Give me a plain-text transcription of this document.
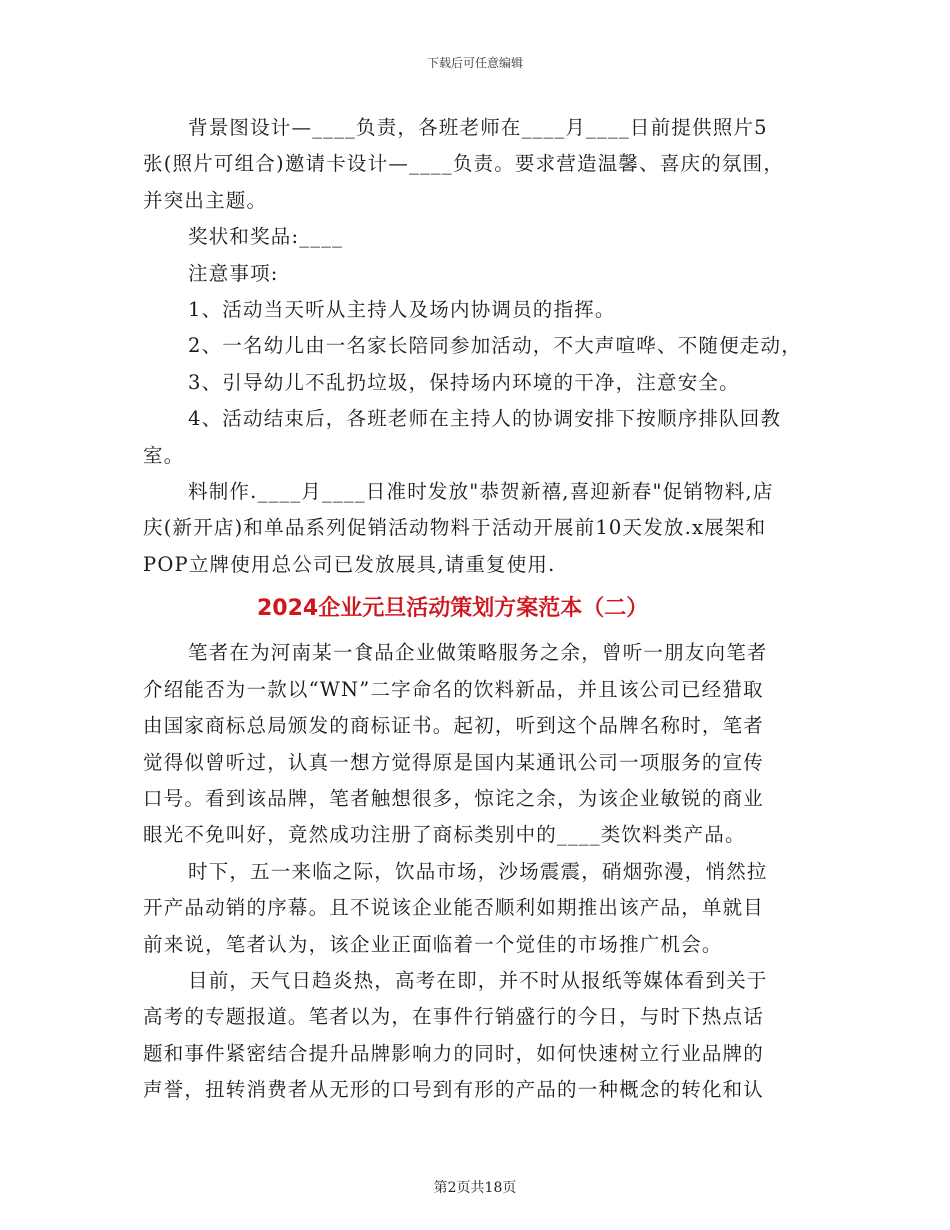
下载后可任意编辑
背景图设计—____负责，各班老师在____月____日前提供照片5
张(照片可组合)邀请卡设计—____负责。要求营造温馨、喜庆的氛围，
并突出主题。
奖状和奖品:____
注意事项:
1、活动当天听从主持人及场内协调员的指挥。
2、一名幼儿由一名家长陪同参加活动，不大声喧哗、不随便走动，
3、引导幼儿不乱扔垃圾，保持场内环境的干净，注意安全。
4、活动结束后，各班老师在主持人的协调安排下按顺序排队回教
室。
料制作.____月____日准时发放"恭贺新禧,喜迎新春"促销物料,店
庆(新开店)和单品系列促销活动物料于活动开展前10天发放.x展架和
POP立牌使用总公司已发放展具,请重复使用.
2024企业元旦活动策划方案范本（二）
笔者在为河南某一食品企业做策略服务之余，曾听一朋友向笔者
介绍能否为一款以“WN”二字命名的饮料新品，并且该公司已经猎取
由国家商标总局颁发的商标证书。起初，听到这个品牌名称时，笔者
觉得似曾听过，认真一想方觉得原是国内某通讯公司一项服务的宣传
口号。看到该品牌，笔者触想很多，惊诧之余，为该企业敏锐的商业
眼光不免叫好，竟然成功注册了商标类别中的____类饮料类产品。
时下，五一来临之际，饮品市场，沙场震震，硝烟弥漫，悄然拉
开产品动销的序幕。且不说该企业能否顺利如期推出该产品，单就目
前来说，笔者认为，该企业正面临着一个觉佳的市场推广机会。
目前，天气日趋炎热，高考在即，并不时从报纸等媒体看到关于
高考的专题报道。笔者以为，在事件行销盛行的今日，与时下热点话
题和事件紧密结合提升品牌影响力的同时，如何快速树立行业品牌的
声誉，扭转消费者从无形的口号到有形的产品的一种概念的转化和认
第2页共18页
